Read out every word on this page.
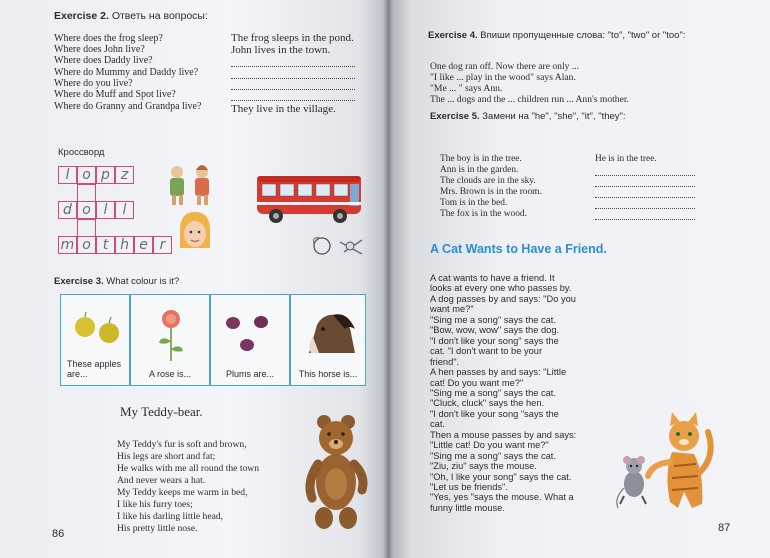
Exercise 2. Ответь на вопросы:
Where does the frog sleep?
Where does John live?
Where does Daddy live?
Where do Mummy and Daddy live?
Where do you live?
Where do Muff and Spot live?
Where do Granny and Grandpa live?
The frog sleeps in the pond.
John lives in the town.
They live in the village.
Кроссворд
l o p z
d o l	l
m o t h e r
Exercise 3. What colour is it?
These apples are...	A rose is...	Plums are...	This horse is...
My Teddy-bear.
My Teddy's fur is soft and brown,
His legs are short and fat;
He walks with me all round the town
And never wears a hat.
My Teddy keeps me warm in bed,
I like his furry toes;
I like his darling little head,
His pretty little nose.
86
Exercise 4. Впиши пропущенные слова: "to", "two" or "too":
One dog ran off. Now there are only ...
"I like ... play in the wood" says Alan.
"Me ... " says Ann.
The ... dogs and the ... children run ... Ann's mother.
Exercise 5. Замени на "he", "she", "it", "they":
The boy is in the tree.
Ann is in the garden.
The clouds are in the sky.
Mrs. Brown is in the room.
Tom is in the bed.
The fox is in the wood.
He is in the tree.
A Cat Wants to Have a Friend.
A cat wants to have a friend. It
looks at every one who passes by.
A dog passes by and says: "Do you
want me?"
"Sing me a song" says the cat.
"Bow, wow, wow" says the dog.
"I don't like your song" says the
cat. "I don't want to be your
friend".
A hen passes by and says: "Little
cat! Do you want me?"
"Sing me a song" says the cat.
"Cluck, cluck" says the hen.
"I don't like your song "says the
cat.
Then a mouse passes by and says:
"Little cat! Do you want me?"
"Sing me a song" says the cat.
"Ziu, ziu" says the mouse.
"Oh, I like your song" says the cat.
"Let us be friends".
"Yes, yes "says the mouse. What a
funny little mouse.
87
